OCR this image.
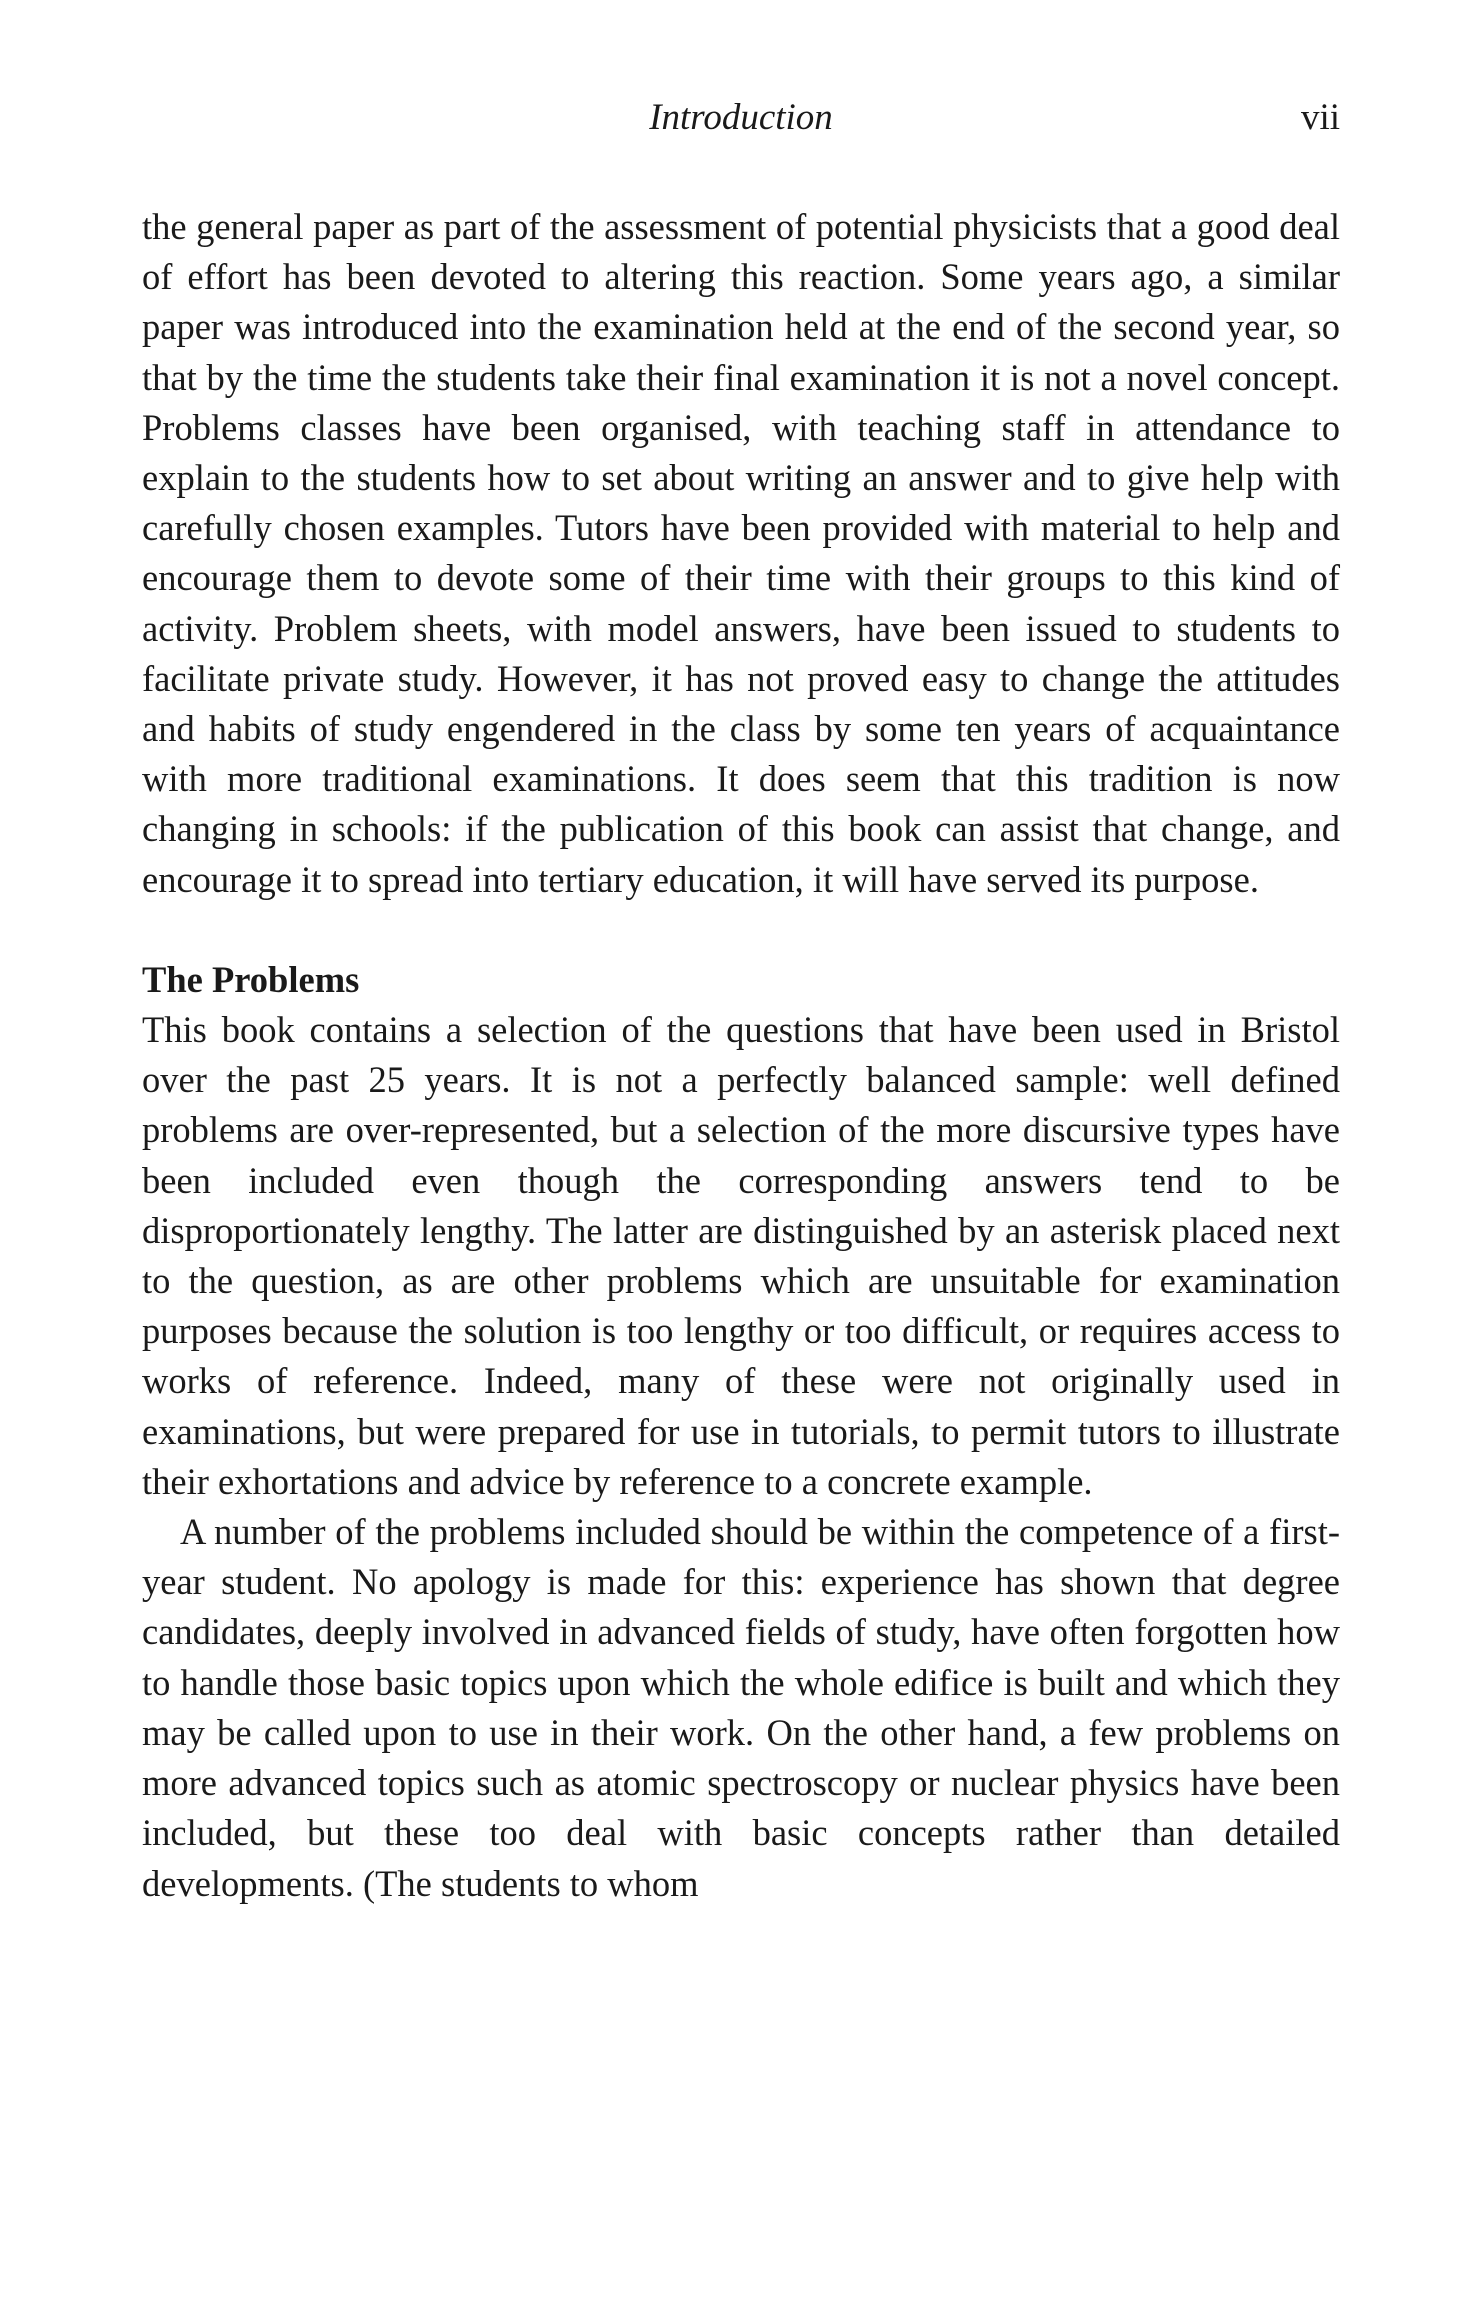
Introduction	vii

the general paper as part of the assessment of potential physicists that a good deal of effort has been devoted to altering this reaction. Some years ago, a similar paper was introduced into the examination held at the end of the second year, so that by the time the students take their final examination it is not a novel concept. Problems classes have been organised, with teaching staff in attendance to explain to the students how to set about writing an answer and to give help with carefully chosen examples. Tutors have been provided with material to help and encourage them to devote some of their time with their groups to this kind of activity. Problem sheets, with model answers, have been issued to students to facilitate private study. However, it has not proved easy to change the attitudes and habits of study engendered in the class by some ten years of acquaintance with more traditional examinations. It does seem that this tradition is now changing in schools: if the publication of this book can assist that change, and encourage it to spread into tertiary education, it will have served its purpose.

The Problems

This book contains a selection of the questions that have been used in Bristol over the past 25 years. It is not a perfectly balanced sample: well defined problems are over-represented, but a selection of the more discursive types have been included even though the corresponding answers tend to be disproportionately lengthy. The latter are distinguished by an asterisk placed next to the question, as are other problems which are unsuitable for examination purposes because the solution is too lengthy or too difficult, or requires access to works of reference. Indeed, many of these were not originally used in examinations, but were prepared for use in tutorials, to permit tutors to illustrate their exhortations and advice by reference to a concrete example.

A number of the problems included should be within the competence of a first-year student. No apology is made for this: experience has shown that degree candidates, deeply involved in advanced fields of study, have often forgotten how to handle those basic topics upon which the whole edifice is built and which they may be called upon to use in their work. On the other hand, a few problems on more advanced topics such as atomic spectroscopy or nuclear physics have been included, but these too deal with basic concepts rather than detailed developments. (The students to whom
